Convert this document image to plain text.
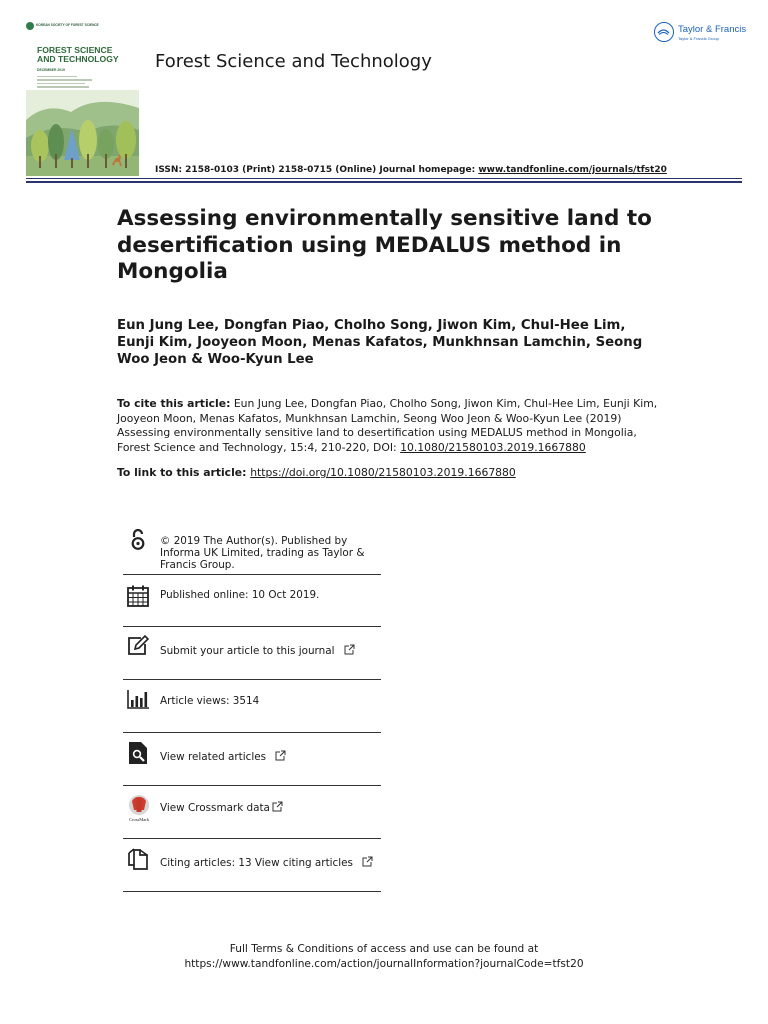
KOREAN SOCIETY OF FOREST SCIENCE
FOREST SCIENCE
AND TECHNOLOGY
DECEMBER 2019	Forest Science and Technology
Taylor & Francis
Taylor & Francis Group
ISSN: 2158-0103 (Print) 2158-0715 (Online) Journal homepage: www.tandfonline.com/journals/tfst20
Assessing environmentally sensitive land to desertification using MEDALUS method in Mongolia
Eun Jung Lee, Dongfan Piao, Cholho Song, Jiwon Kim, Chul-Hee Lim, Eunji Kim, Jooyeon Moon, Menas Kafatos, Munkhnsan Lamchin, Seong Woo Jeon & Woo-Kyun Lee
To cite this article: Eun Jung Lee, Dongfan Piao, Cholho Song, Jiwon Kim, Chul-Hee Lim, Eunji Kim, Jooyeon Moon, Menas Kafatos, Munkhnsan Lamchin, Seong Woo Jeon & Woo-Kyun Lee (2019) Assessing environmentally sensitive land to desertification using MEDALUS method in Mongolia, Forest Science and Technology, 15:4, 210-220, DOI: 10.1080/21580103.2019.1667880
To link to this article: https://doi.org/10.1080/21580103.2019.1667880
© 2019 The Author(s). Published by Informa UK Limited, trading as Taylor & Francis Group.
Published online: 10 Oct 2019.
Submit your article to this journal
Article views: 3514
View related articles
CrossMark
View Crossmark data
Citing articles: 13 View citing articles
Full Terms & Conditions of access and use can be found at
https://www.tandfonline.com/action/journalInformation?journalCode=tfst20
